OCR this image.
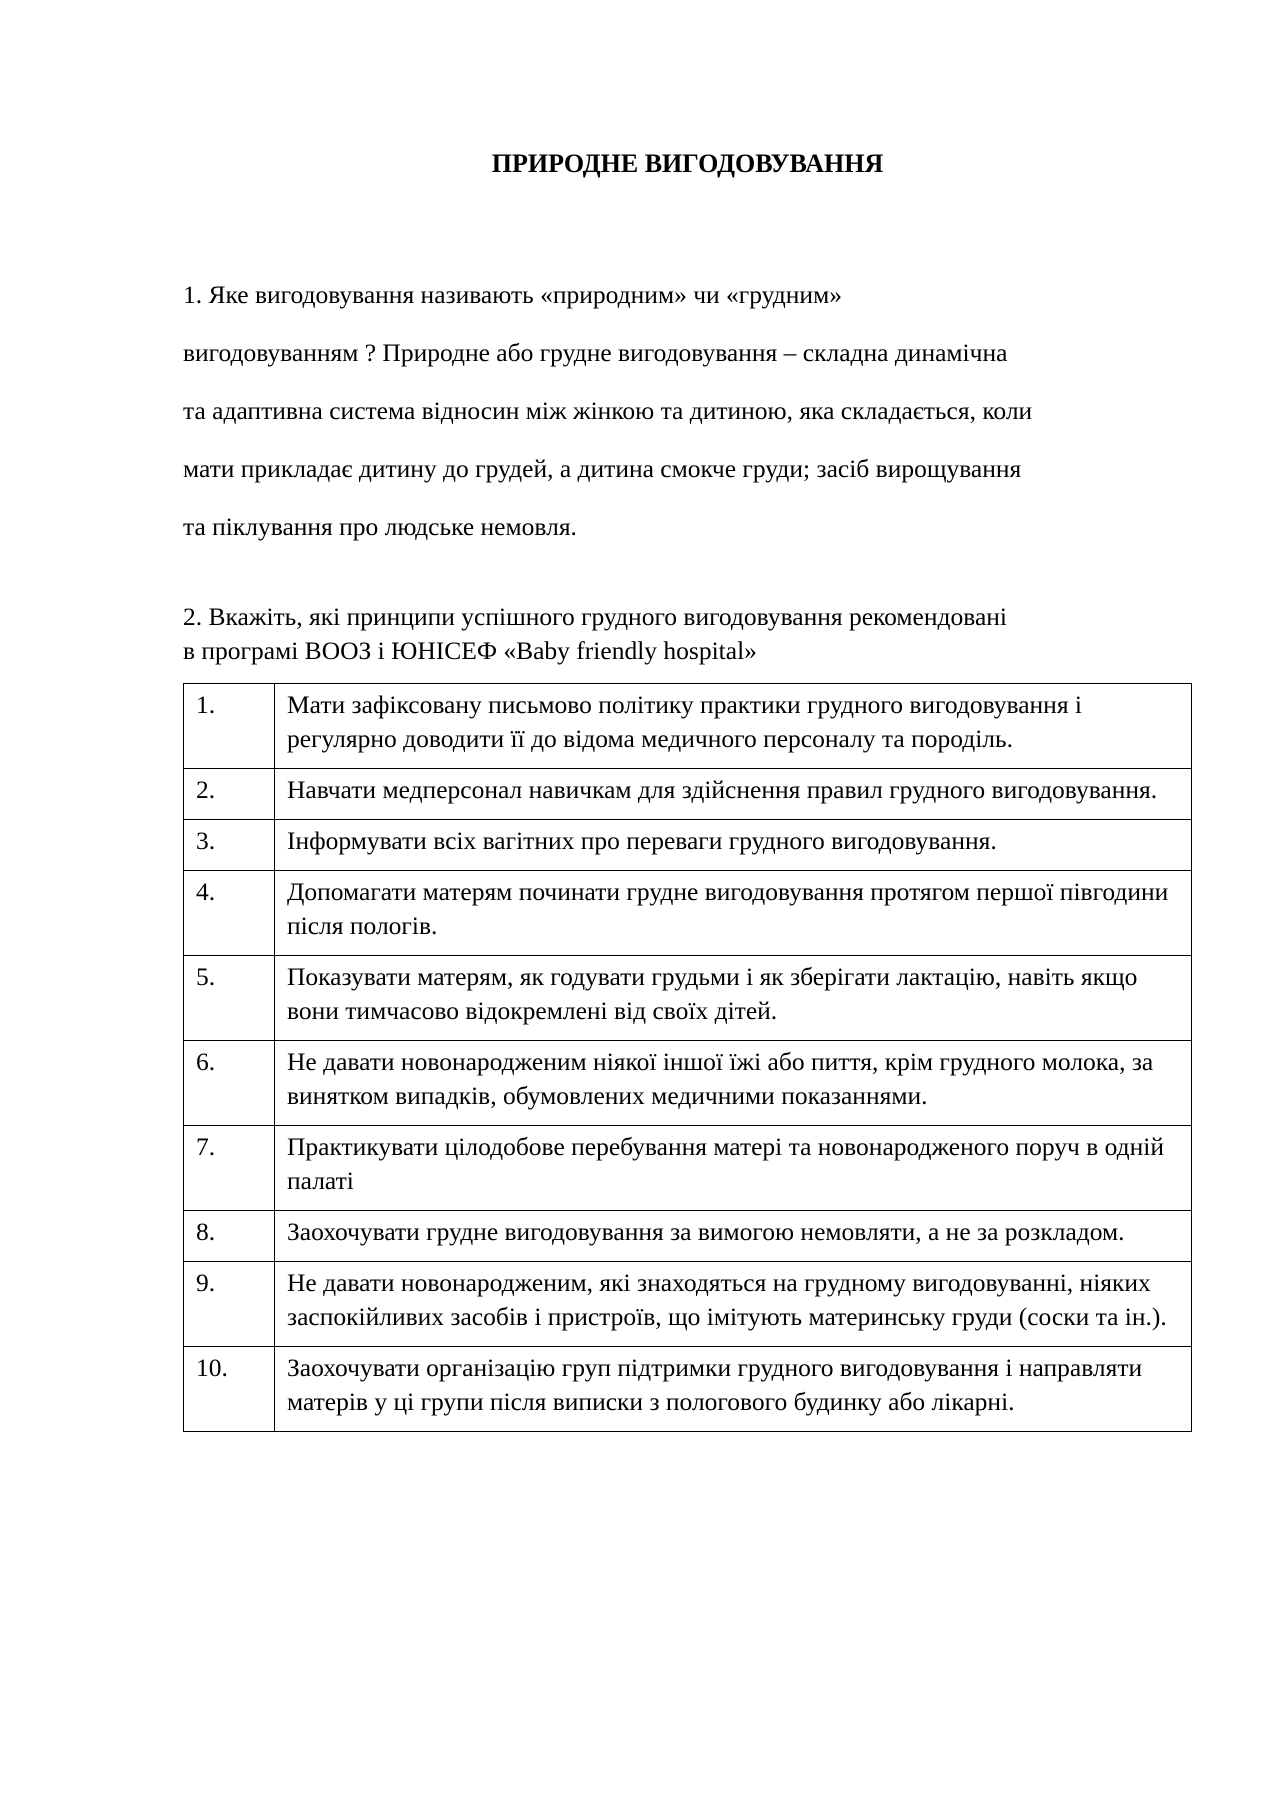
ПРИРОДНЕ ВИГОДОВУВАННЯ
1. Яке вигодовування називають «природним» чи «грудним»
вигодовуванням ? Природне або грудне вигодовування – складна динамічна
та адаптивна система відносин між жінкою та дитиною, яка складається, коли
мати прикладає дитину до грудей, а дитина смокче груди; засіб вирощування
та піклування про людське немовля.
2. Вкажіть, які принципи успішного грудного вигодовування рекомендовані
в програмі ВООЗ і ЮНІСЕФ «Baby friendly hospital»
1.	Мати зафіксовану письмово політику практики грудного вигодовування і регулярно доводити її до відома медичного персоналу та породіль.
2.	Навчати медперсонал навичкам для здійснення правил грудного вигодовування.
3.	Інформувати всіх вагітних про переваги грудного вигодовування.
4.	Допомагати матерям починати грудне вигодовування протягом першої півгодини після пологів.
5.	Показувати матерям, як годувати грудьми і як зберігати лактацію, навіть якщо вони тимчасово відокремлені від своїх дітей.
6.	Не давати новонародженим ніякої іншої їжі або пиття, крім грудного молока, за винятком випадків, обумовлених медичними показаннями.
7.	Практикувати цілодобове перебування матері та новонародженого поруч в одній палаті
8.	Заохочувати грудне вигодовування за вимогою немовляти, а не за розкладом.
9.	Не давати новонародженим, які знаходяться на грудному вигодовуванні, ніяких заспокійливих засобів і пристроїв, що імітують материнську груди (соски та ін.).
10.	Заохочувати організацію груп підтримки грудного вигодовування і направляти матерів у ці групи після виписки з пологового будинку або лікарні.
